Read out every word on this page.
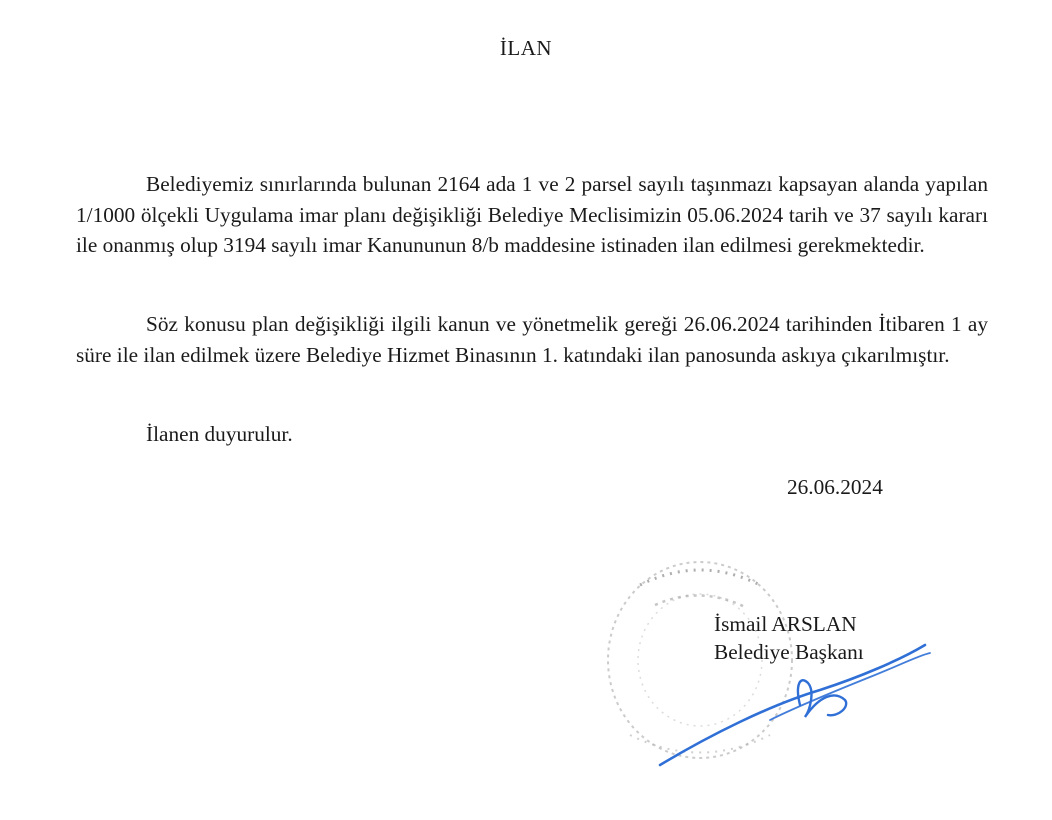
İLAN
Belediyemiz sınırlarında bulunan 2164 ada 1 ve 2 parsel sayılı taşınmazı kapsayan alanda yapılan 1/1000 ölçekli Uygulama imar planı değişikliği Belediye Meclisimizin 05.06.2024 tarih ve 37 sayılı kararı ile onanmış olup 3194 sayılı imar Kanununun 8/b maddesine istinaden ilan edilmesi gerekmektedir.
Söz konusu plan değişikliği ilgili kanun ve yönetmelik gereği 26.06.2024 tarihinden İtibaren 1 ay süre ile ilan edilmek üzere Belediye Hizmet Binasının 1. katındaki ilan panosunda askıya çıkarılmıştır.
İlanen duyurulur.
26.06.2024
İsmail ARSLAN
Belediye Başkanı
